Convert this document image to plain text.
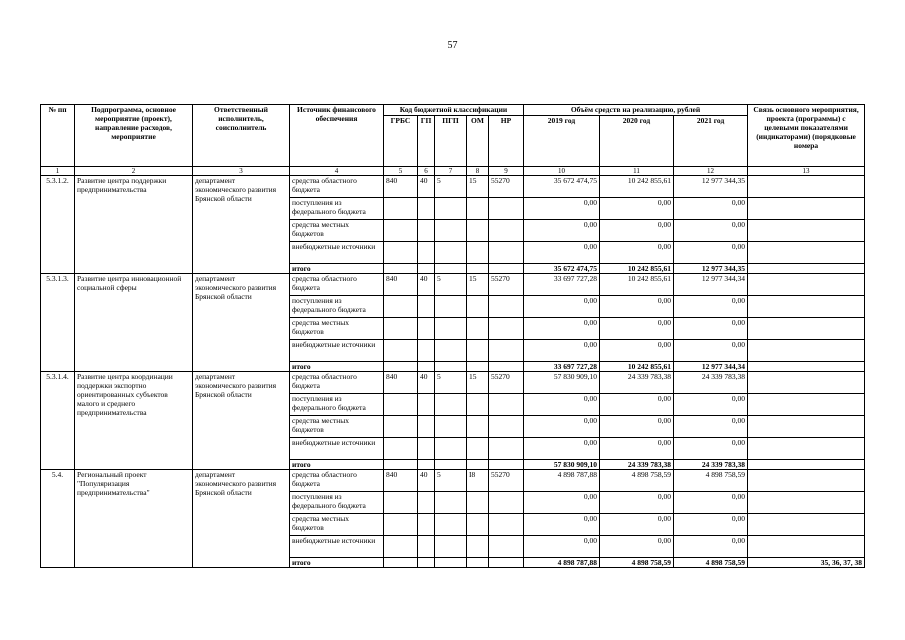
57
№ пп	Подпрограмма, основное мероприятие (проект), направление расходов, мероприятие	Ответственный исполнитель, соисполнитель	Источник финансового обеспечения	Код бюджетной классификации					Объём средств на реализацию, рублей			Связь основного мероприятия, проекта (программы) с целевыми показателями (индикаторами) (порядковые номера
				ГРБС	ГП	ПГП	ОМ	НР	2019 год	2020 год	2021 год	
1	2	3	4	5	6	7	8	9	10	11	12	13
5.3.1.2.	Развитие центра поддержки предпринимательства	департамент экономического развития Брянской области	средства областного бюджета	840	40	5	15	55270	35 672 474,75	10 242 855,61	12 977 344,35	
			поступления из федерального бюджета						0,00	0,00	0,00	
			средства местных бюджетов						0,00	0,00	0,00	
			внебюджетные источники						0,00	0,00	0,00	
			итого						35 672 474,75	10 242 855,61	12 977 344,35	
5.3.1.3.	Развитие центра инновационной социальной сферы	департамент экономического развития Брянской области	средства областного бюджета	840	40	5	15	55270	33 697 727,28	10 242 855,61	12 977 344,34	
			поступления из федерального бюджета						0,00	0,00	0,00	
			средства местных бюджетов						0,00	0,00	0,00	
			внебюджетные источники						0,00	0,00	0,00	
			итого						33 697 727,28	10 242 855,61	12 977 344,34	
5.3.1.4.	Развитие центра координации поддержки экспортно ориентированных субъектов малого и среднего предпринимательства	департамент экономического развития Брянской области	средства областного бюджета	840	40	5	15	55270	57 830 909,10	24 339 783,38	24 339 783,38	
			поступления из федерального бюджета						0,00	0,00	0,00	
			средства местных бюджетов						0,00	0,00	0,00	
			внебюджетные источники						0,00	0,00	0,00	
			итого						57 830 909,10	24 339 783,38	24 339 783,38	
5.4.	Региональный проект "Популяризация предпринимательства"	департамент экономического развития Брянской области	средства областного бюджета	840	40	5	I8	55270	4 898 787,88	4 898 758,59	4 898 758,59	
			поступления из федерального бюджета						0,00	0,00	0,00	
			средства местных бюджетов						0,00	0,00	0,00	
			внебюджетные источники						0,00	0,00	0,00	
			итого						4 898 787,88	4 898 758,59	4 898 758,59	35, 36, 37, 38
